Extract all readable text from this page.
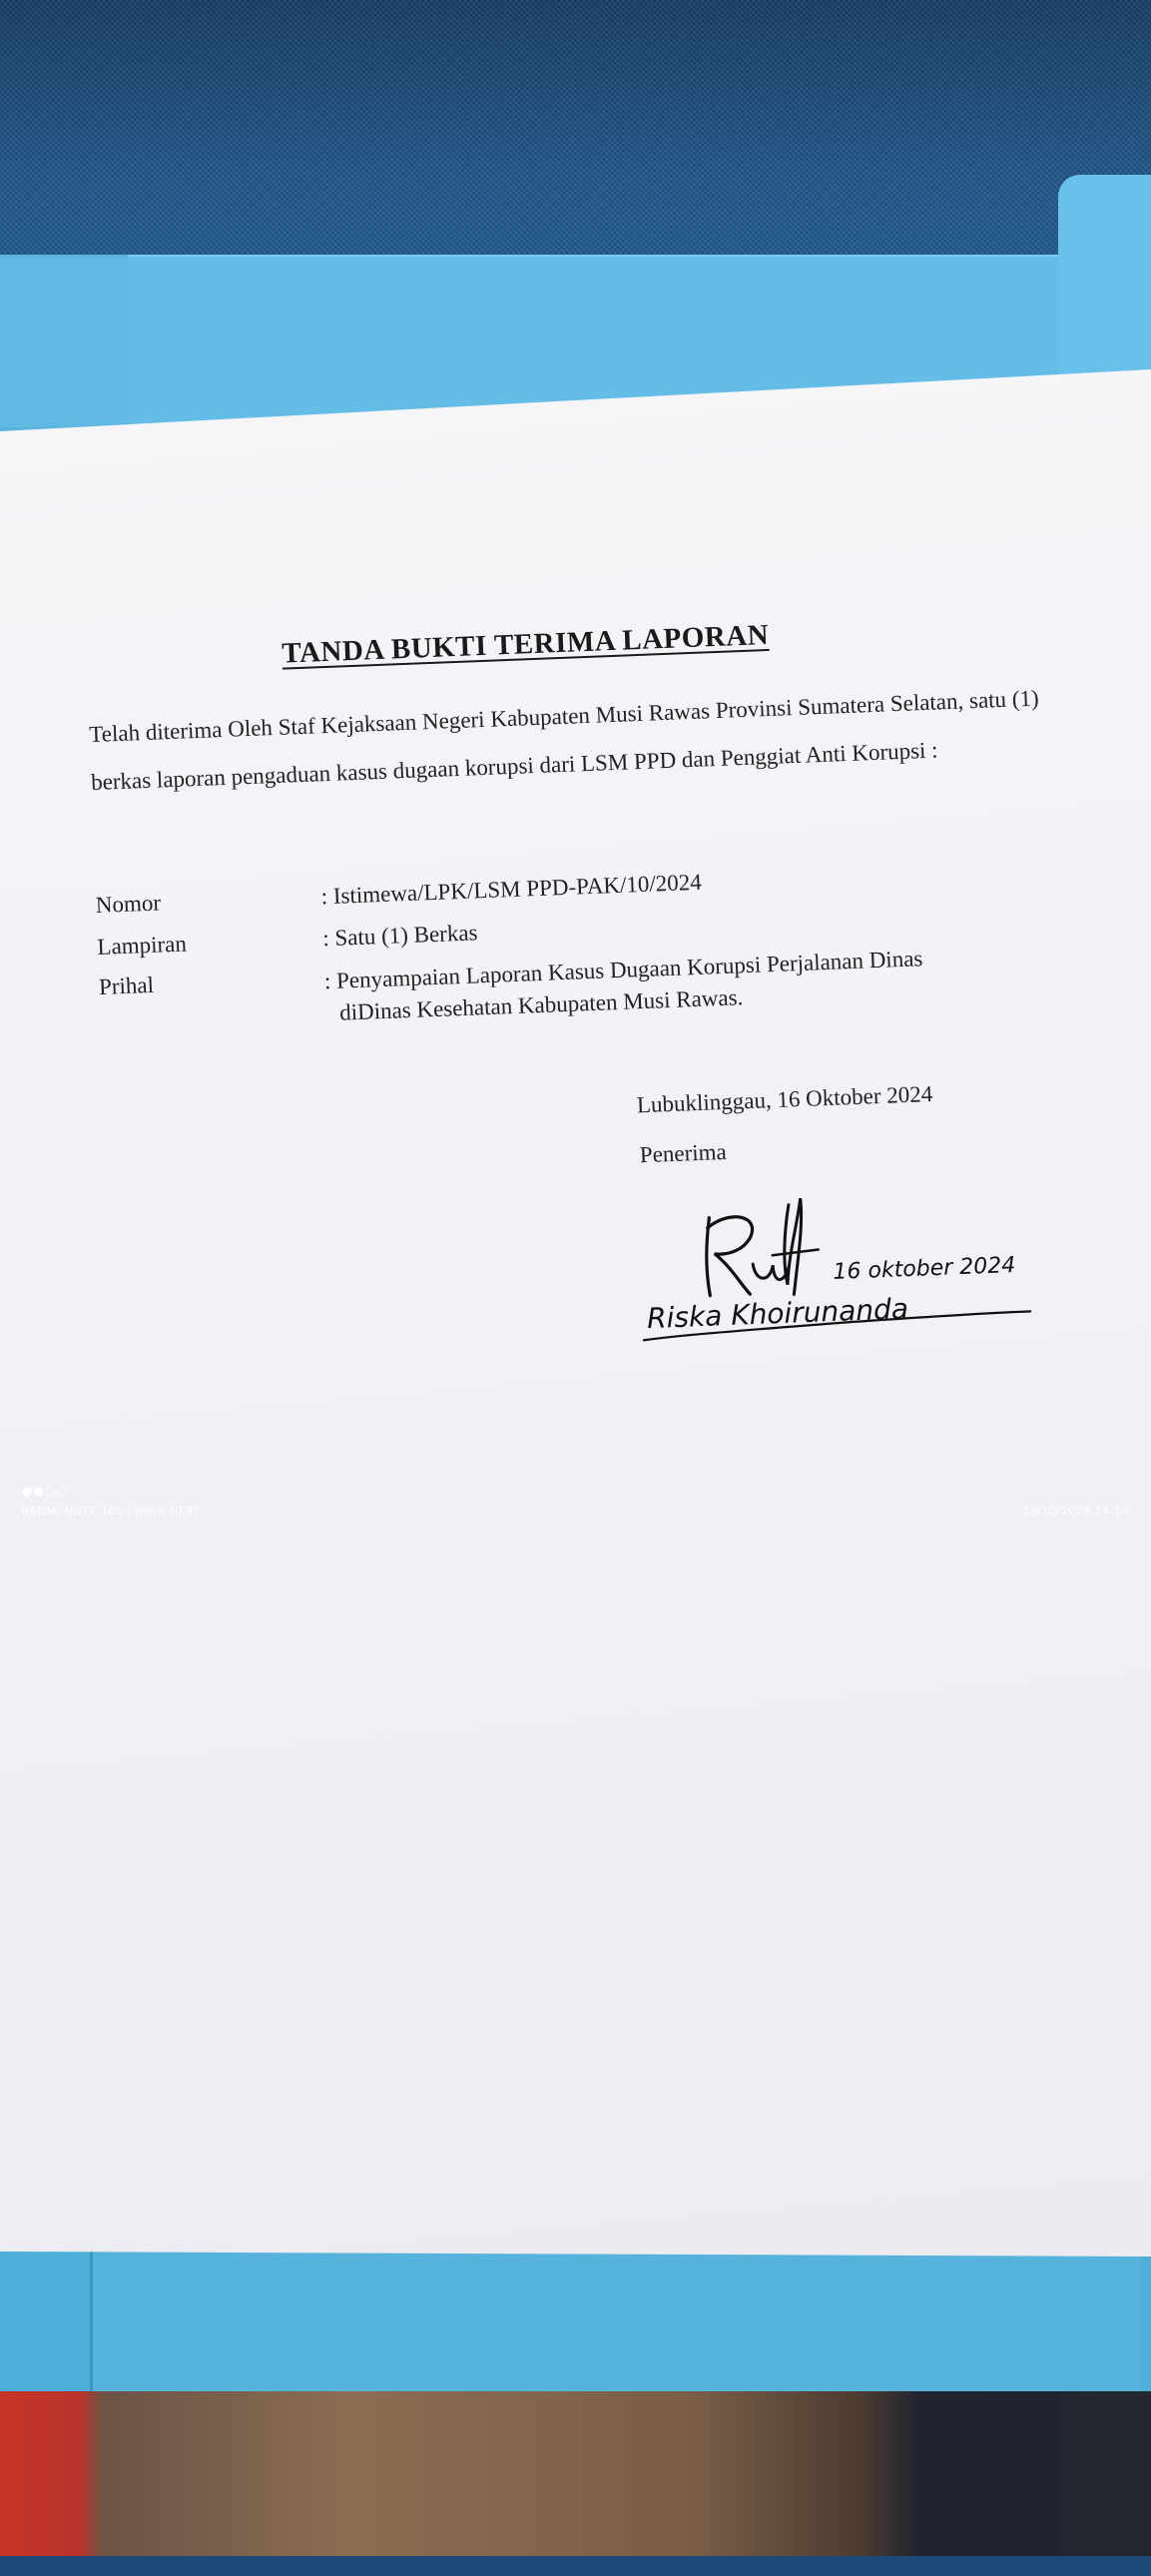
TANDA BUKTI TERIMA LAPORAN
Telah diterima Oleh Staf Kejaksaan Negeri Kabupaten Musi Rawas Provinsi Sumatera Selatan, satu (1) berkas laporan pengaduan kasus dugaan korupsi dari LSM PPD dan Penggiat Anti Korupsi :
Nomor	: Istimewa/LPK/LSM PPD-PAK/10/2024
Lampiran	: Satu (1) Berkas
Prihal	: Penyampaian Laporan Kasus Dugaan Korupsi Perjalanan Dinas
diDinas Kesehatan Kabupaten Musi Rawas.
Lubuklinggau, 16 Oktober 2024
Penerima
16 oktober 2024
Riska Khoirunanda
●●○○
REDMI NOTE 10S | JHON HERI	16/10/2024 14:14
